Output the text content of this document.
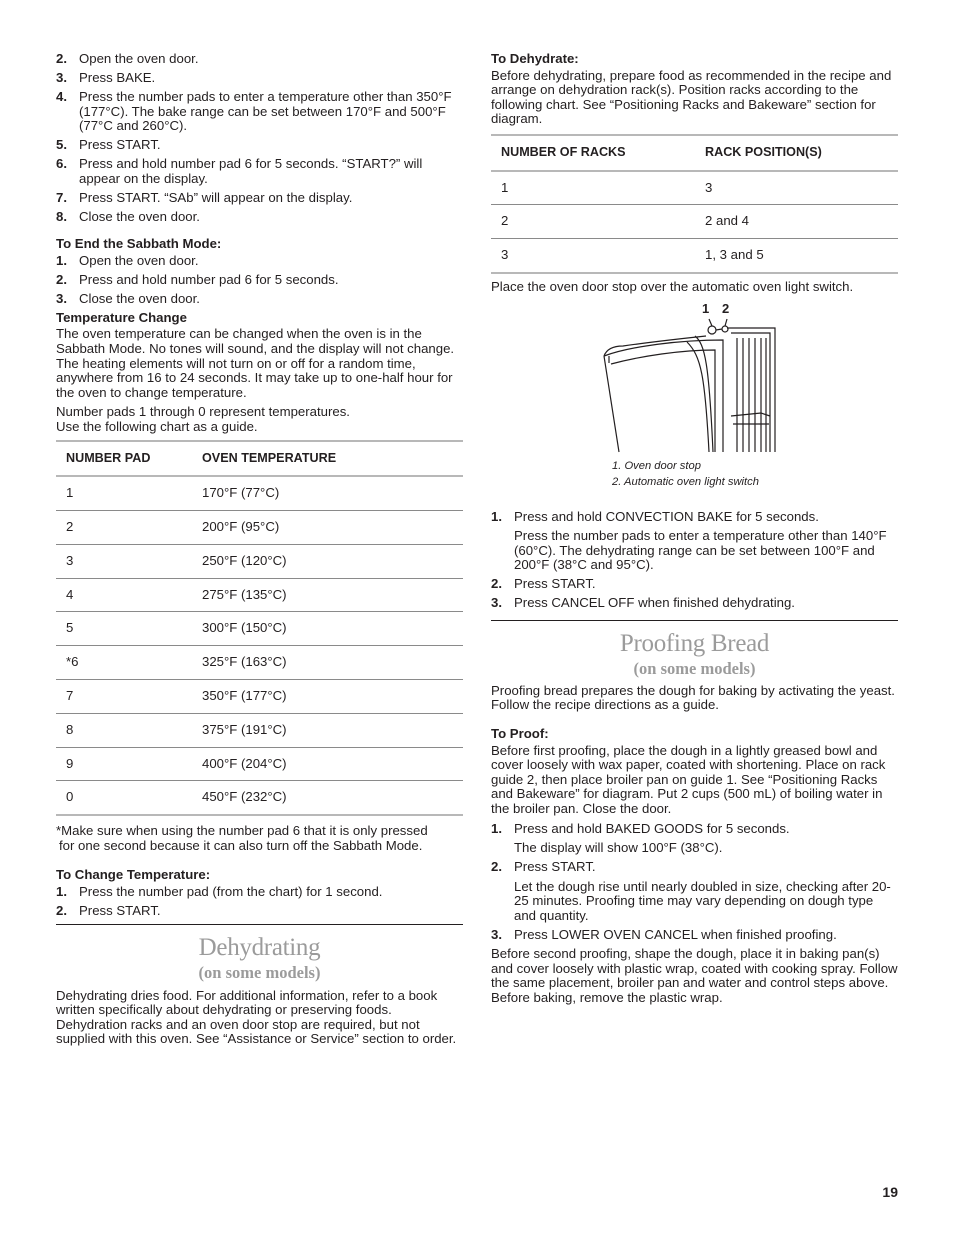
2. Open the oven door.
3. Press BAKE.
4. Press the number pads to enter a temperature other than 350°F (177°C). The bake range can be set between 170°F and 500°F (77°C and 260°C).
5. Press START.
6. Press and hold number pad 6 for 5 seconds. “START?” will appear on the display.
7. Press START. “SAb” will appear on the display.
8. Close the oven door.
To End the Sabbath Mode:
1. Open the oven door.
2. Press and hold number pad 6 for 5 seconds.
3. Close the oven door.
Temperature Change

The oven temperature can be changed when the oven is in the Sabbath Mode. No tones will sound, and the display will not change. The heating elements will not turn on or off for a random time, anywhere from 16 to 24 seconds. It may take up to one-half hour for the oven to change temperature.

Number pads 1 through 0 represent temperatures.
Use the following chart as a guide.
NUMBER PAD	OVEN TEMPERATURE
1	170°F (77°C)
2	200°F (95°C)
3	250°F (120°C)
4	275°F (135°C)
5	300°F (150°C)
*6	325°F (163°C)
7	350°F (177°C)
8	375°F (191°C)
9	400°F (204°C)
0	450°F (232°C)
*Make sure when using the number pad 6 that it is only pressed
for one second because it can also turn off the Sabbath Mode.
To Change Temperature:
1. Press the number pad (from the chart) for 1 second.
2. Press START.
Dehydrating
(on some models)

Dehydrating dries food. For additional information, refer to a book written specifically about dehydrating or preserving foods. Dehydration racks and an oven door stop are required, but not supplied with this oven. See “Assistance or Service” section to order.

To Dehydrate:

Before dehydrating, prepare food as recommended in the recipe and arrange on dehydration rack(s). Position racks according to the following chart. See “Positioning Racks and Bakeware” section for diagram.

NUMBER OF RACKS	RACK POSITION(S)
1	3
2	2 and 4
3	1, 3 and 5

Place the oven door stop over the automatic oven light switch.

1 2
1. Oven door stop
2. Automatic oven light switch
1. Press and hold CONVECTION BAKE for 5 seconds.
Press the number pads to enter a temperature other than 140°F (60°C). The dehydrating range can be set between 100°F and 200°F (38°C and 95°C).
2. Press START.
3. Press CANCEL OFF when finished dehydrating.
Proofing Bread
(on some models)

Proofing bread prepares the dough for baking by activating the yeast. Follow the recipe directions as a guide.

To Proof:

Before first proofing, place the dough in a lightly greased bowl and cover loosely with wax paper, coated with shortening. Place on rack guide 2, then place broiler pan on guide 1. See “Positioning Racks and Bakeware” for diagram. Put 2 cups (500 mL) of boiling water in the broiler pan. Close the door.

1. Press and hold BAKED GOODS for 5 seconds.
The display will show 100°F (38°C).
2. Press START.
Let the dough rise until nearly doubled in size, checking after 20-25 minutes. Proofing time may vary depending on dough type and quantity.
3. Press LOWER OVEN CANCEL when finished proofing.

Before second proofing, shape the dough, place it in baking pan(s) and cover loosely with plastic wrap, coated with cooking spray. Follow the same placement, broiler pan and water and control steps above. Before baking, remove the plastic wrap.

19
